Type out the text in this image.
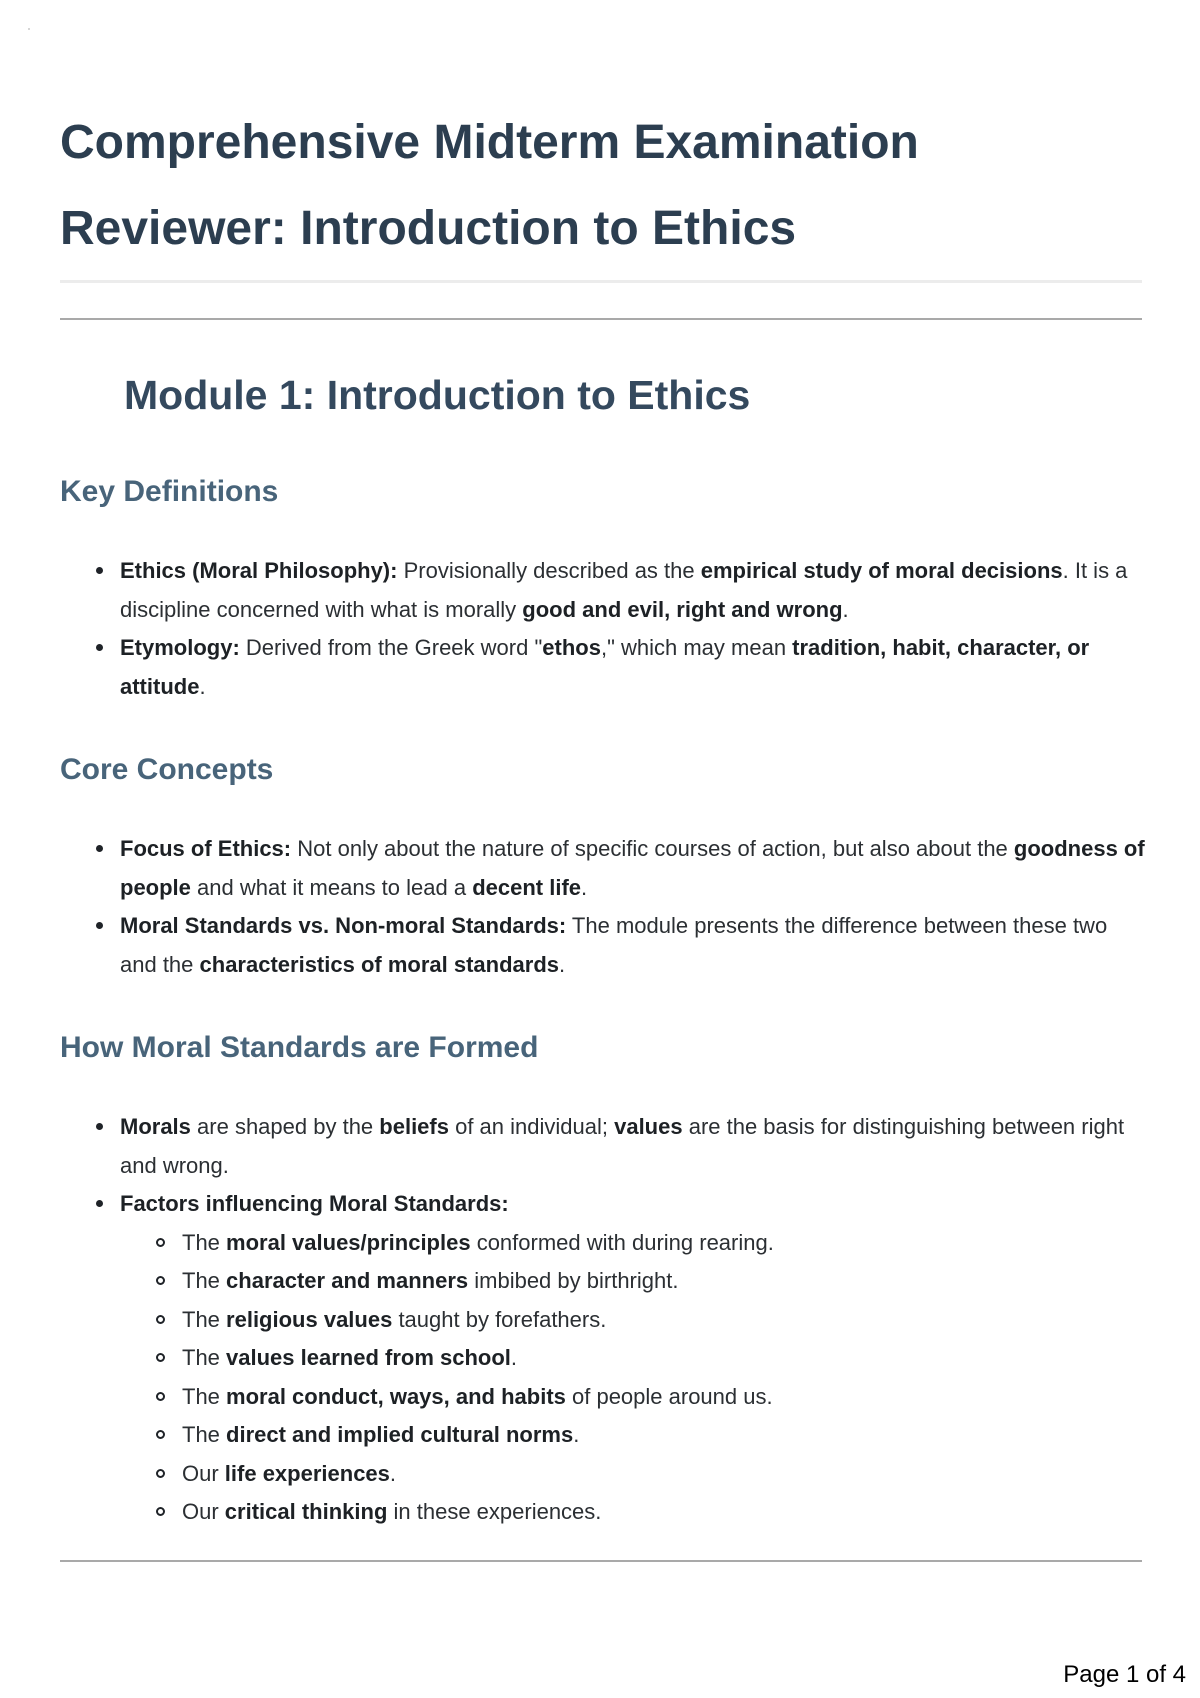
Comprehensive Midterm Examination
Reviewer: Introduction to Ethics
Module 1: Introduction to Ethics
Key Definitions
Ethics (Moral Philosophy): Provisionally described as the empirical study of moral decisions. It is a discipline concerned with what is morally good and evil, right and wrong.
Etymology: Derived from the Greek word "ethos," which may mean tradition, habit, character, or attitude.
Core Concepts
Focus of Ethics: Not only about the nature of specific courses of action, but also about the goodness of people and what it means to lead a decent life.
Moral Standards vs. Non-moral Standards: The module presents the difference between these two and the characteristics of moral standards.
How Moral Standards are Formed
Morals are shaped by the beliefs of an individual; values are the basis for distinguishing between right and wrong.
Factors influencing Moral Standards:
The moral values/principles conformed with during rearing.
The character and manners imbibed by birthright.
The religious values taught by forefathers.
The values learned from school.
The moral conduct, ways, and habits of people around us.
The direct and implied cultural norms.
Our life experiences.
Our critical thinking in these experiences.

Page 1 of 4
